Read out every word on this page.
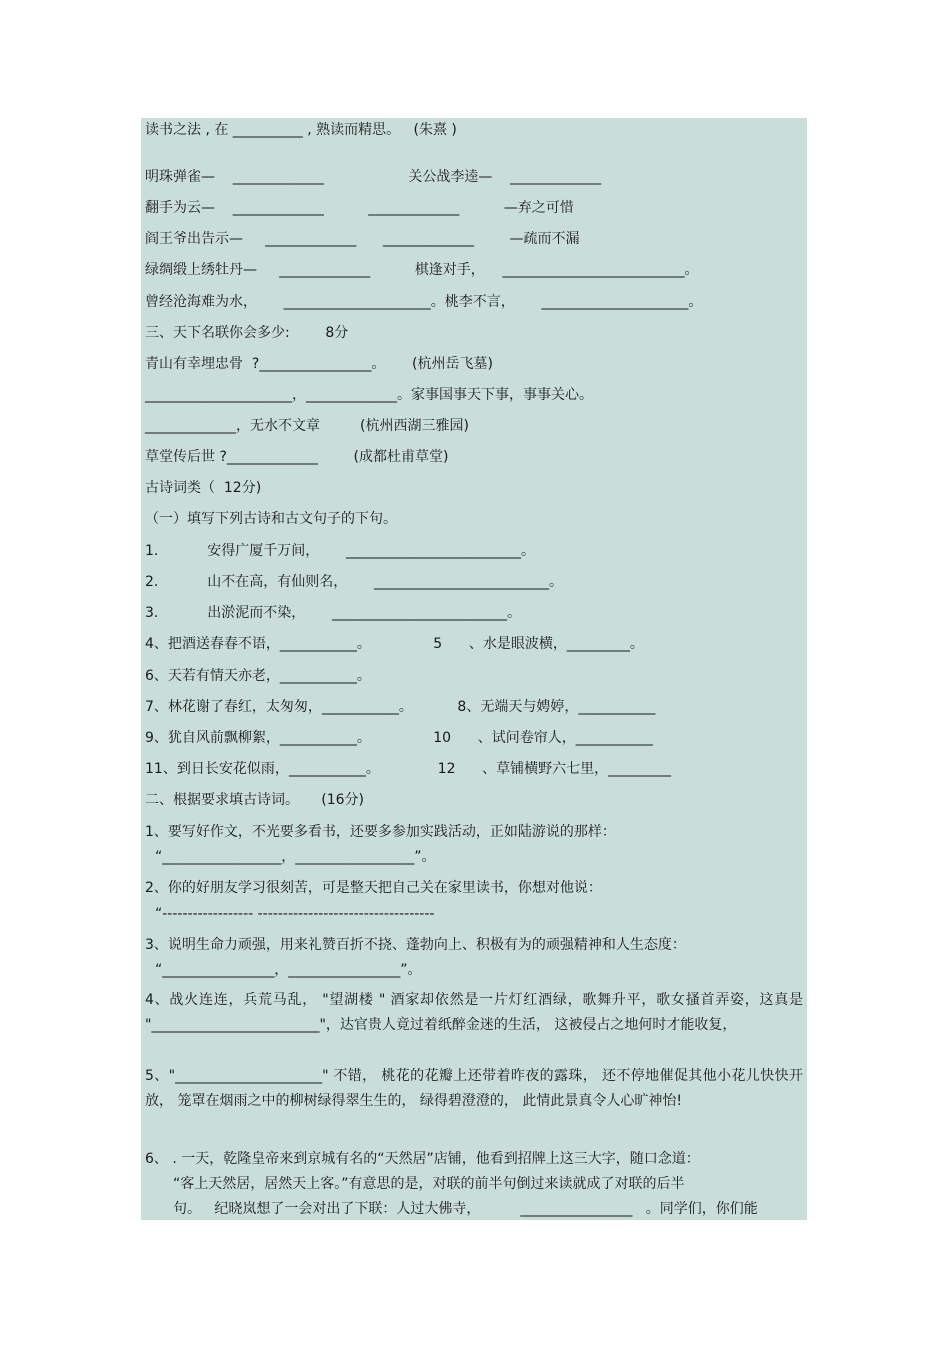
读书之法 , 在 __________ , 熟读而精思。   (朱熹 )
明珠弹雀—    _____________                   关公战李逵—    _____________
翻手为云—    _____________          _____________          —弃之可惜
阎王爷出告示—     _____________      _____________        —疏而不漏
绿绸缎上绣牡丹—     _____________          棋逢对手，    __________________________。
曾经沧海难为水，      _____________________。桃李不言，      _____________________。
三、天下名联你会多少:        8分
青山有幸埋忠骨  ?________________。      (杭州岳飞墓)
_____________________，_____________。家事国事天下事，事事关心。
_____________，无水不文章         (杭州西湖三雅园)
草堂传后世 ?_____________        (成都杜甫草堂)
古诗词类（  12分)
（一）填写下列古诗和古文句子的下句。
1.           安得广厦千万间，      _________________________。
2.           山不在高，有仙则名，      _________________________。
3.           出淤泥而不染，      _________________________。
4、把酒送春春不语，___________。              5      、水是眼波横，_________。
6、天若有情天亦老，___________。
7、林花谢了春红，太匆匆，___________。          8、无端天与娉婷，___________
9、犹自风前飘柳絮，___________。              10      、试问卷帘人，___________
11、到日长安花似雨，___________。             12      、草铺横野六七里，_________
二、根据要求填古诗词。     (16分)
1、要写好作文，不光要多看书，还要多参加实践活动，正如陆游说的那样：
“_________________，_________________”。
2、你的好朋友学习很刻苦，可是整天把自己关在家里读书，你想对他说：
“------------------ -----------------------------------
3、说明生命力顽强，用来礼赞百折不挠、蓬勃向上、积极有为的顽强精神和人生态度：
“________________，________________”。
4、战火连连，兵荒马乱， "望湖楼 " 酒家却依然是一片灯红酒绿，歌舞升平，歌女搔首弄姿，这真是 "________________________"，达官贵人竟过着纸醉金迷的生活， 这被侵占之地何时才能收复，
5、"_____________________" 不错， 桃花的花瓣上还带着昨夜的露珠， 还不停地催促其他小花儿快快开放， 笼罩在烟雨之中的柳树绿得翠生生的， 绿得碧澄澄的， 此情此景真令人心旷神怡!
6、 . 一天，乾隆皇帝来到京城有名的“天然居”店铺，他看到招牌上这三大字，随口念道：
“客上天然居，居然天上客。”有意思的是，对联的前半句倒过来读就成了对联的后半
句。   纪晓岚想了一会对出了下联：人过大佛寺，         ________________   。同学们，你们能
